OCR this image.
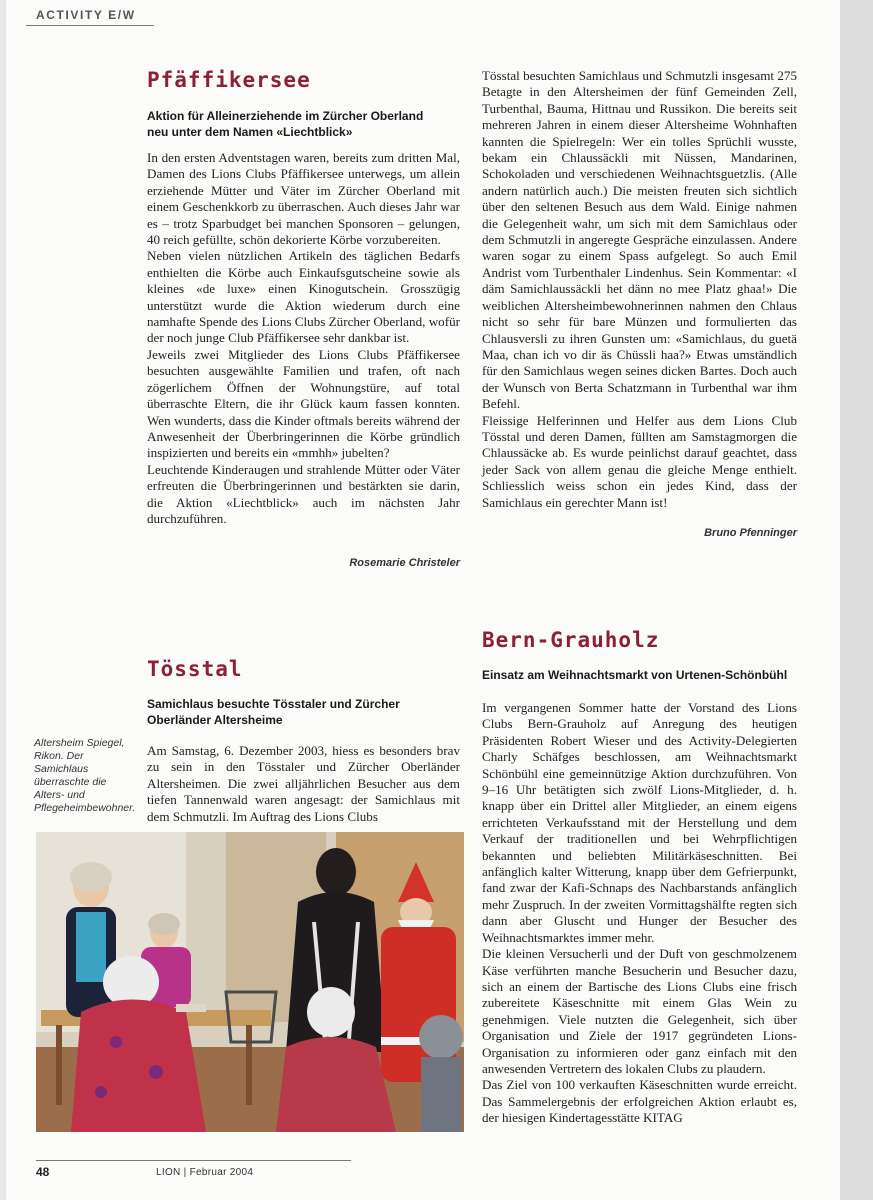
ACTIVITY E/W
Pfäffikersee
Aktion für Alleinerziehende im Zürcher Oberland neu unter dem Namen «Liechtblick»

In den ersten Adventstagen waren, bereits zum dritten Mal, Damen des Lions Clubs Pfäffikersee unterwegs, um allein erziehende Mütter und Väter im Zürcher Oberland mit einem Geschenkkorb zu überraschen. Auch dieses Jahr war es – trotz Sparbudget bei manchen Sponsoren – gelungen, 40 reich gefüllte, schön dekorierte Körbe vorzubereiten.

Neben vielen nützlichen Artikeln des täglichen Bedarfs enthielten die Körbe auch Einkaufsgutscheine sowie als kleines «de luxe» einen Kinogutschein. Grosszügig unterstützt wurde die Aktion wiederum durch eine namhafte Spende des Lions Clubs Zürcher Oberland, wofür der noch junge Club Pfäffikersee sehr dankbar ist.

Jeweils zwei Mitglieder des Lions Clubs Pfäffikersee besuchten ausgewählte Familien und trafen, oft nach zögerlichem Öffnen der Wohnungstüre, auf total überraschte Eltern, die ihr Glück kaum fassen konnten. Wen wunderts, dass die Kinder oftmals bereits während der Anwesenheit der Überbringerinnen die Körbe gründlich inspizierten und bereits ein «mmhh» jubelten?

Leuchtende Kinderaugen und strahlende Mütter oder Väter erfreuten die Überbringerinnen und bestärkten sie darin, die Aktion «Liechtblick» auch im nächsten Jahr durchzuführen.

Rosemarie Christeler
Tösstal
Samichlaus besuchte Tösstaler und Zürcher Oberländer Altersheime
Altersheim Spiegel, Rikon. Der Samichlaus überraschte die Alters- und Pflegeheimbewohner.

Am Samstag, 6. Dezember 2003, hiess es besonders brav zu sein in den Tösstaler und Zürcher Oberländer Altersheimen. Die zwei alljährlichen Besucher aus dem tiefen Tannenwald waren angesagt: der Samichlaus mit dem Schmutzli. Im Auftrag des Lions Clubs

Tösstal besuchten Samichlaus und Schmutzli insgesamt 275 Betagte in den Altersheimen der fünf Gemeinden Zell, Turbenthal, Bauma, Hittnau und Russikon. Die bereits seit mehreren Jahren in einem dieser Altersheime Wohnhaften kannten die Spielregeln: Wer ein tolles Sprüchli wusste, bekam ein Chlaussäckli mit Nüssen, Mandarinen, Schokoladen und verschiedenen Weihnachtsguetzlis. (Alle andern natürlich auch.) Die meisten freuten sich sichtlich über den seltenen Besuch aus dem Wald. Einige nahmen die Gelegenheit wahr, um sich mit dem Samichlaus oder dem Schmutzli in angeregte Gespräche einzulassen. Andere waren sogar zu einem Spass aufgelegt. So auch Emil Andrist vom Turbenthaler Lindenhus. Sein Kommentar: «I däm Samichlaussäckli het dänn no mee Platz ghaa!» Die weiblichen Altersheimbewohnerinnen nahmen den Chlaus nicht so sehr für bare Münzen und formulierten das Chlausversli zu ihren Gunsten um: «Samichlaus, du guetä Maa, chan ich vo dir äs Chüssli haa?» Etwas umständlich für den Samichlaus wegen seines dicken Bartes. Doch auch der Wunsch von Berta Schatzmann in Turbenthal war ihm Befehl.

Fleissige Helferinnen und Helfer aus dem Lions Club Tösstal und deren Damen, füllten am Samstagmorgen die Chlaussäcke ab. Es wurde peinlichst darauf geachtet, dass jeder Sack von allem genau die gleiche Menge enthielt. Schliesslich weiss schon ein jedes Kind, dass der Samichlaus ein gerechter Mann ist!

Bruno Pfenninger
Bern-Grauholz
Einsatz am Weihnachtsmarkt von Urtenen-Schönbühl

Im vergangenen Sommer hatte der Vorstand des Lions Clubs Bern-Grauholz auf Anregung des heutigen Präsidenten Robert Wieser und des Activity-Delegierten Charly Schäfges beschlossen, am Weihnachtsmarkt Schönbühl eine gemeinnützige Aktion durchzuführen. Von 9–16 Uhr betätigten sich zwölf Lions-Mitglieder, d. h. knapp über ein Drittel aller Mitglieder, an einem eigens errichteten Verkaufsstand mit der Herstellung und dem Verkauf der traditionellen und bei Wehrpflichtigen bekannten und beliebten Militärkäseschnitten. Bei anfänglich kalter Witterung, knapp über dem Gefrierpunkt, fand zwar der Kafi-Schnaps des Nachbarstands anfänglich mehr Zuspruch. In der zweiten Vormittagshälfte regten sich dann aber Gluscht und Hunger der Besucher des Weihnachtsmarktes immer mehr.

Die kleinen Versucherli und der Duft von geschmolzenem Käse verführten manche Besucherin und Besucher dazu, sich an einem der Bartische des Lions Clubs eine frisch zubereitete Käseschnitte mit einem Glas Wein zu genehmigen. Viele nutzten die Gelegenheit, sich über Organisation und Ziele der 1917 gegründeten Lions-Organisation zu informieren oder ganz einfach mit den anwesenden Vertretern des lokalen Clubs zu plaudern.

Das Ziel von 100 verkauften Käseschnitten wurde erreicht. Das Sammelergebnis der erfolgreichen Aktion erlaubt es, der hiesigen Kindertagesstätte KITAG

48	LION | Februar 2004
